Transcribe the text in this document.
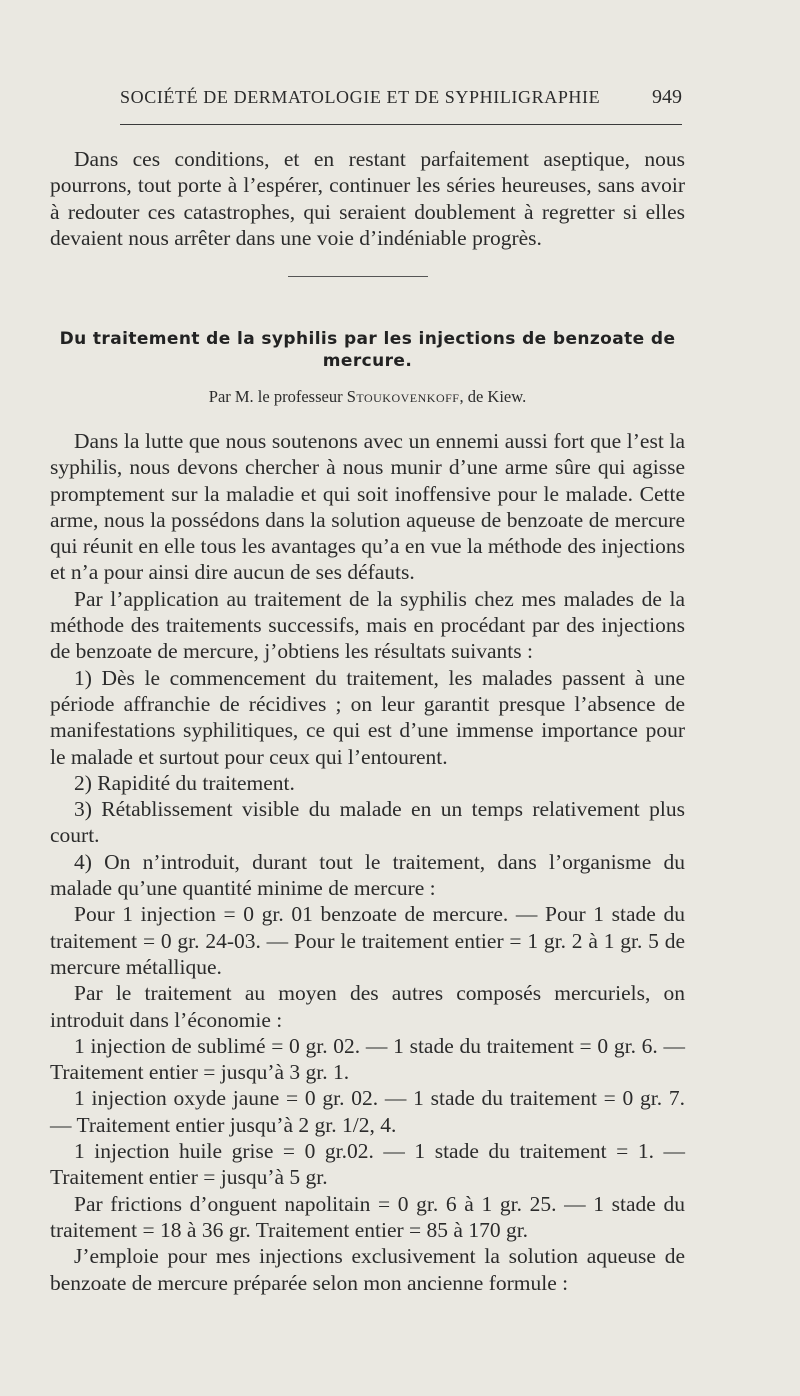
SOCIÉTÉ DE DERMATOLOGIE ET DE SYPHILIGRAPHIE	949

Dans ces conditions, et en restant parfaitement aseptique, nous pourrons, tout porte à l’espérer, continuer les séries heureuses, sans avoir à redouter ces catastrophes, qui seraient doublement à regretter si elles devaient nous arrêter dans une voie d’indéniable progrès.

Du traitement de la syphilis par les injections de benzoate de mercure.
Par M. le professeur Stoukovenkoff, de Kiew.

Dans la lutte que nous soutenons avec un ennemi aussi fort que l’est la syphilis, nous devons chercher à nous munir d’une arme sûre qui agisse promptement sur la maladie et qui soit inoffensive pour le malade. Cette arme, nous la possédons dans la solution aqueuse de benzoate de mercure qui réunit en elle tous les avantages qu’a en vue la méthode des injections et n’a pour ainsi dire aucun de ses défauts.

Par l’application au traitement de la syphilis chez mes malades de la méthode des traitements successifs, mais en procédant par des injections de benzoate de mercure, j’obtiens les résultats suivants :

1) Dès le commencement du traitement, les malades passent à une période affranchie de récidives ; on leur garantit presque l’absence de manifestations syphilitiques, ce qui est d’une immense importance pour le malade et surtout pour ceux qui l’entourent.

2) Rapidité du traitement.

3) Rétablissement visible du malade en un temps relativement plus court.

4) On n’introduit, durant tout le traitement, dans l’organisme du malade qu’une quantité minime de mercure :

Pour 1 injection = 0 gr. 01 benzoate de mercure. — Pour 1 stade du traitement = 0 gr. 24-03. — Pour le traitement entier = 1 gr. 2 à 1 gr. 5 de mercure métallique.

Par le traitement au moyen des autres composés mercuriels, on introduit dans l’économie :

1 injection de sublimé = 0 gr. 02. — 1 stade du traitement = 0 gr. 6. — Traitement entier = jusqu’à 3 gr. 1.

1 injection oxyde jaune = 0 gr. 02. — 1 stade du traitement = 0 gr. 7. — Traitement entier jusqu’à 2 gr. 1/2, 4.

1 injection huile grise = 0 gr.02. — 1 stade du traitement = 1. — Traitement entier = jusqu’à 5 gr.

Par frictions d’onguent napolitain = 0 gr. 6 à 1 gr. 25. — 1 stade du traitement = 18 à 36 gr. Traitement entier = 85 à 170 gr.

J’emploie pour mes injections exclusivement la solution aqueuse de benzoate de mercure préparée selon mon ancienne formule :
